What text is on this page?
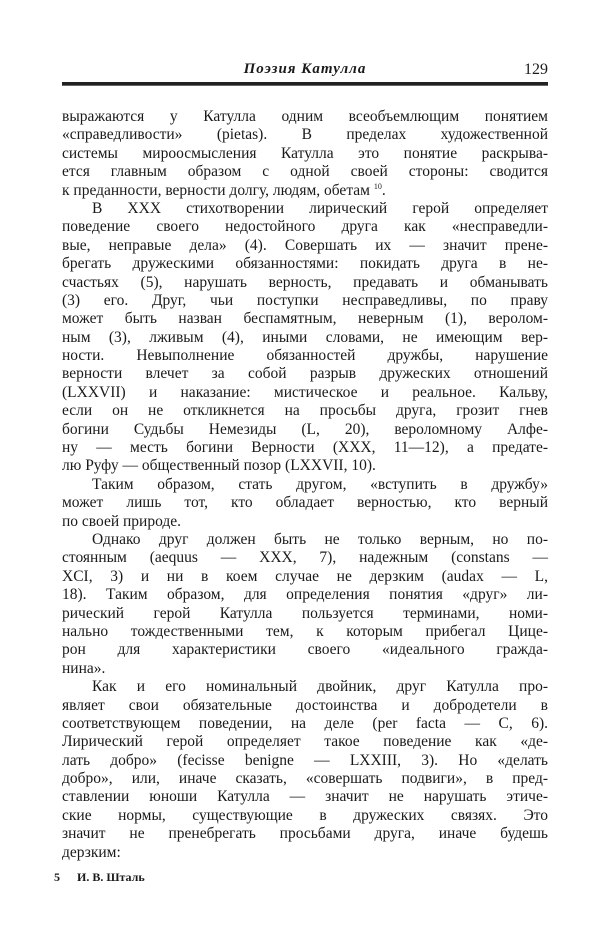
Поэзия Катулла	129
выражаются у Катулла одним всеобъемлющим понятием
«справедливости» (pietas). В пределах художественной
системы мироосмысления Катулла это понятие раскрыва-
ется главным образом с одной своей стороны: сводится
к преданности, верности долгу, людям, обетам $^{10}$.
В XXX стихотворении лирический герой определяет
поведение своего недостойного друга как «несправедли-
вые, неправые дела» (4). Совершать их — значит пренe-
брегать дружескими обязанностями: покидать друга в не-
счастьях (5), нарушать верность, предавать и обманывать
(3) его. Друг, чьи поступки несправедливы, по праву
может быть назван беспамятным, неверным (1), веролом-
ным (3), лживым (4), иными словами, не имеющим вер-
ности. Невыполнение обязанностей дружбы, нарушение
верности влечет за собой разрыв дружеских отношений
(LXXVII) и наказание: мистическое и реальное. Кальву,
если он не откликнется на просьбы друга, грозит гнев
богини Судьбы Немезиды (L, 20), вероломному Алфе-
ну — месть богини Верности (XXX, 11—12), а предате-
лю Руфу — общественный позор (LXXVII, 10).
Таким образом, стать другом, «вступить в дружбу»
может лишь тот, кто обладает верностью, кто верный
по своей природе.
Однако друг должен быть не только верным, но по-
стоянным (aequus — XXX, 7), надежным (constans —
XCI, 3) и ни в коем случае не дерзким (audax — L,
18). Таким образом, для определения понятия «друг» ли-
рический герой Катулла пользуется терминами, номи-
нально тождественными тем, к которым прибегал Цице-
рон для характеристики своего «идеального гражда-
нина».
Как и его номинальный двойник, друг Катулла про-
являет свои обязательные достоинства и добродетели в
соответствующем поведении, на деле (per facta — C, 6).
Лирический герой определяет такое поведение как «де-
лать добро» (fecisse benigne — LXXIII, 3). Но «делать
добро», или, иначе сказать, «совершать подвиги», в пред-
ставлении юноши Катулла — значит не нарушать этиче-
ские нормы, существующие в дружеских связях. Это
значит не пренебрегать просьбами друга, иначе будешь
дерзким:
5 И. В. Шталь
